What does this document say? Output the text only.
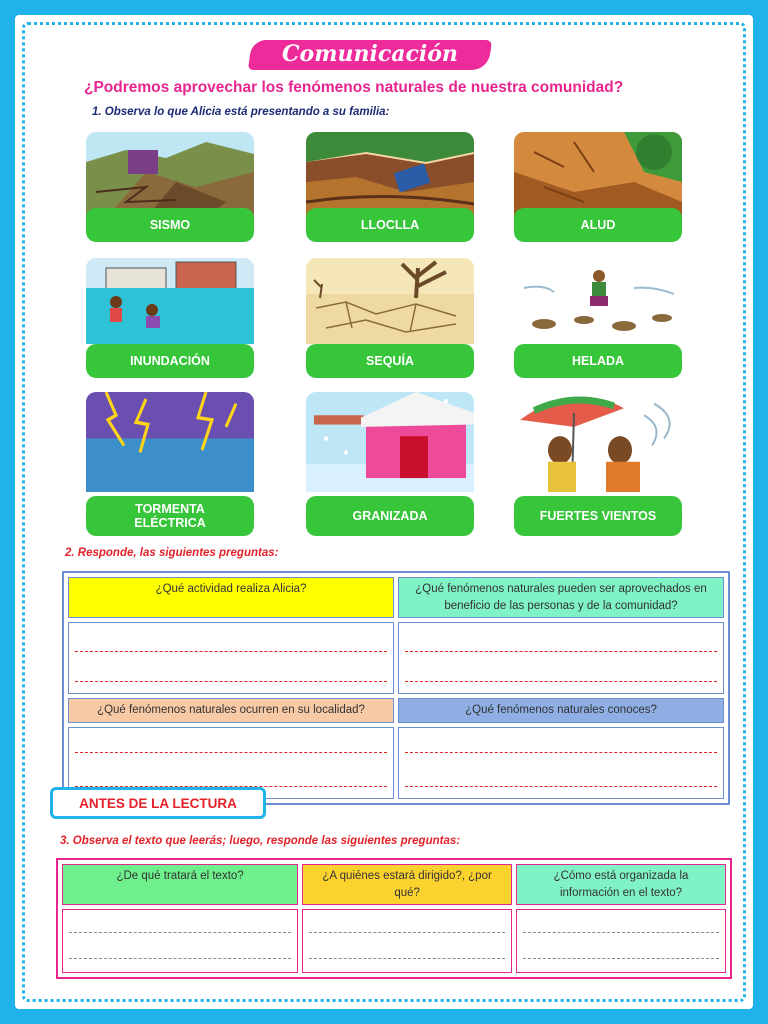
Comunicación
¿Podremos aprovechar los fenómenos naturales de nuestra comunidad?
1. Observa lo que Alicia está presentando a su familia:
SISMO	LLOCLLA	ALUD
INUNDACIÓN	SEQUÍA	HELADA
TORMENTA
ELÉCTRICA
GRANIZADA	FUERTES VIENTOS
2. Responde, las siguientes preguntas:
¿Qué actividad realiza Alicia?	¿Qué fenómenos naturales pueden ser aprovechados en beneficio de las personas y de la comunidad?

¿Qué fenómenos naturales ocurren en su localidad?	¿Qué fenómenos naturales conoces?

ANTES DE LA LECTURA
3. Observa el texto que leerás; luego, responde las siguientes preguntas:
¿De qué tratará el texto?	¿A quiénes estará dirigido?, ¿por qué?	¿Cómo está organizada la información en el texto?
